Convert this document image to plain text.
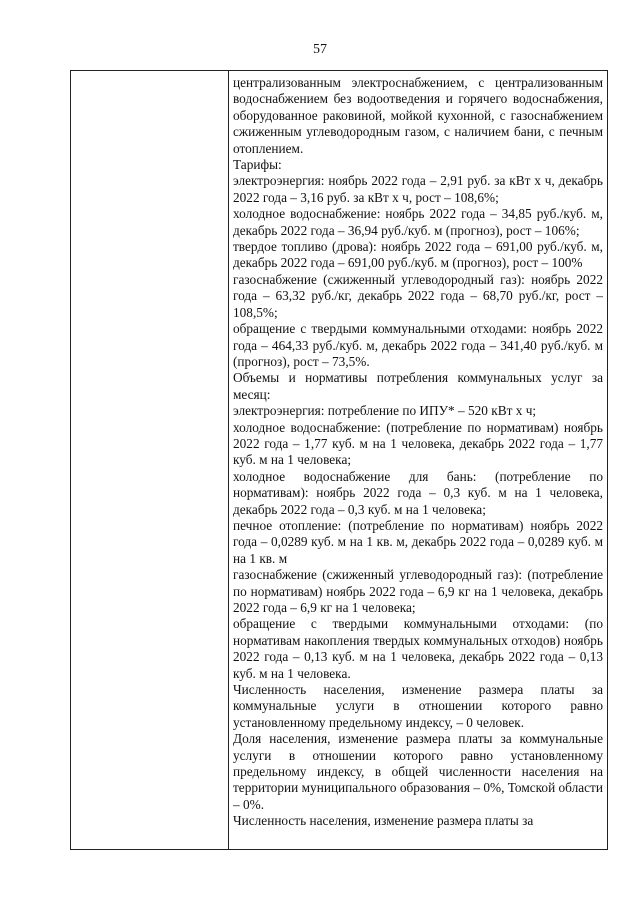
57

централизованным электроснабжением, с централизованным водоснабжением без водоотведения и горячего водоснабжения, оборудованное раковиной, мойкой кухонной, с газоснабжением сжиженным углеводородным газом, с наличием бани, с печным отоплением.

Тарифы:

электроэнергия: ноябрь 2022 года – 2,91 руб. за кВт х ч, декабрь 2022 года – 3,16 руб. за кВт х ч, рост – 108,6%;

холодное водоснабжение: ноябрь 2022 года – 34,85 руб./куб. м, декабрь 2022 года – 36,94 руб./куб. м (прогноз), рост – 106%;

твердое топливо (дрова): ноябрь 2022 года – 691,00 руб./куб. м, декабрь 2022 года – 691,00 руб./куб. м (прогноз), рост – 100%

газоснабжение (сжиженный углеводородный газ): ноябрь 2022 года – 63,32 руб./кг, декабрь 2022 года – 68,70 руб./кг, рост – 108,5%;

обращение с твердыми коммунальными отходами: ноябрь 2022 года – 464,33 руб./куб. м, декабрь 2022 года – 341,40 руб./куб. м (прогноз), рост – 73,5%.

Объемы и нормативы потребления коммунальных услуг за месяц:

электроэнергия: потребление по ИПУ* – 520 кВт х ч;

холодное водоснабжение: (потребление по нормативам) ноябрь 2022 года – 1,77 куб. м на 1 человека, декабрь 2022 года – 1,77 куб. м на 1 человека;

холодное водоснабжение для бань: (потребление по нормативам): ноябрь 2022 года – 0,3 куб. м на 1 человека, декабрь 2022 года – 0,3 куб. м на 1 человека;

печное отопление: (потребление по нормативам) ноябрь 2022 года – 0,0289 куб. м на 1 кв. м, декабрь 2022 года – 0,0289 куб. м на 1 кв. м

газоснабжение (сжиженный углеводородный газ): (потребление по нормативам) ноябрь 2022 года – 6,9 кг на 1 человека, декабрь 2022 года – 6,9 кг на 1 человека;

обращение с твердыми коммунальными отходами: (по нормативам накопления твердых коммунальных отходов) ноябрь 2022 года – 0,13 куб. м на 1 человека, декабрь 2022 года – 0,13 куб. м на 1 человека.

Численность населения, изменение размера платы за коммунальные услуги в отношении которого равно установленному предельному индексу, – 0 человек.

Доля населения, изменение размера платы за коммунальные услуги в отношении которого равно установленному предельному индексу, в общей численности населения на территории муниципального образования – 0%, Томской области – 0%.

Численность населения, изменение размера платы за
